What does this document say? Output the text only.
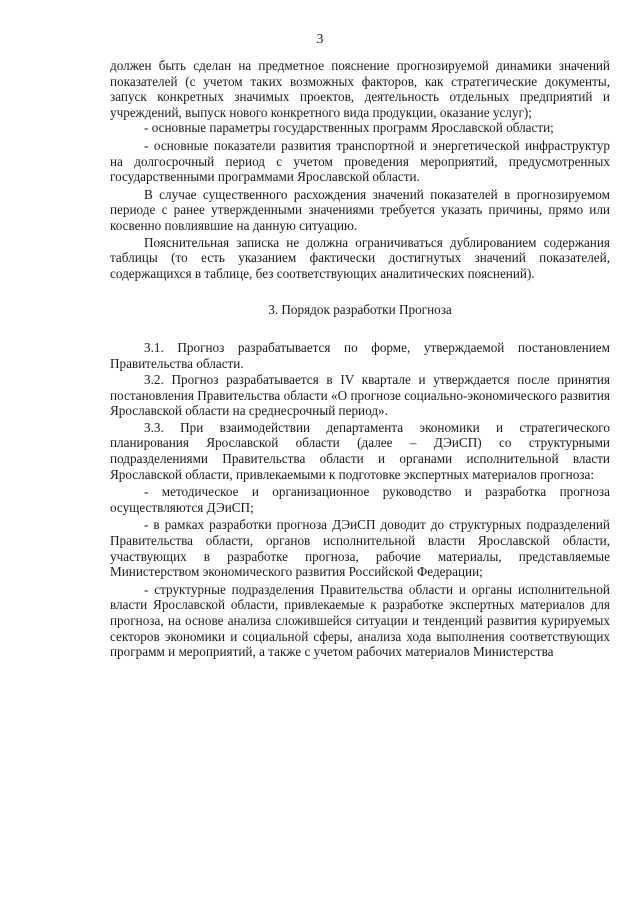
3

должен быть сделан на предметное пояснение прогнозируемой динамики значений показателей (с учетом таких возможных факторов, как стратегические документы, запуск конкретных значимых проектов, деятельность отдельных предприятий и учреждений, выпуск нового конкретного вида продукции, оказание услуг);

- основные параметры государственных программ Ярославской области;

- основные показатели развития транспортной и энергетической инфраструктур на долгосрочный период с учетом проведения мероприятий, предусмотренных государственными программами Ярославской области.

В случае существенного расхождения значений показателей в прогнозируемом периоде с ранее утвержденными значениями требуется указать причины, прямо или косвенно повлиявшие на данную ситуацию.

Пояснительная записка не должна ограничиваться дублированием содержания таблицы (то есть указанием фактически достигнутых значений показателей, содержащихся в таблице, без соответствующих аналитических пояснений).

3. Порядок разработки Прогноза

3.1. Прогноз разрабатывается по форме, утверждаемой постановлением Правительства области.

3.2. Прогноз разрабатывается в IV квартале и утверждается после принятия постановления Правительства области «О прогнозе социально-экономического развития Ярославской области на среднесрочный период».

3.3. При взаимодействии департамента экономики и стратегического планирования Ярославской области (далее – ДЭиСП) со структурными подразделениями Правительства области и органами исполнительной власти Ярославской области, привлекаемыми к подготовке экспертных материалов прогноза:

- методическое и организационное руководство и разработка прогноза осуществляются ДЭиСП;

- в рамках разработки прогноза ДЭиСП доводит до структурных подразделений Правительства области, органов исполнительной власти Ярославской области, участвующих в разработке прогноза, рабочие материалы, представляемые Министерством экономического развития Российской Федерации;

- структурные подразделения Правительства области и органы исполнительной власти Ярославской области, привлекаемые к разработке экспертных материалов для прогноза, на основе анализа сложившейся ситуации и тенденций развития курируемых секторов экономики и социальной сферы, анализа хода выполнения соответствующих программ и мероприятий, а также с учетом рабочих материалов Министерства
